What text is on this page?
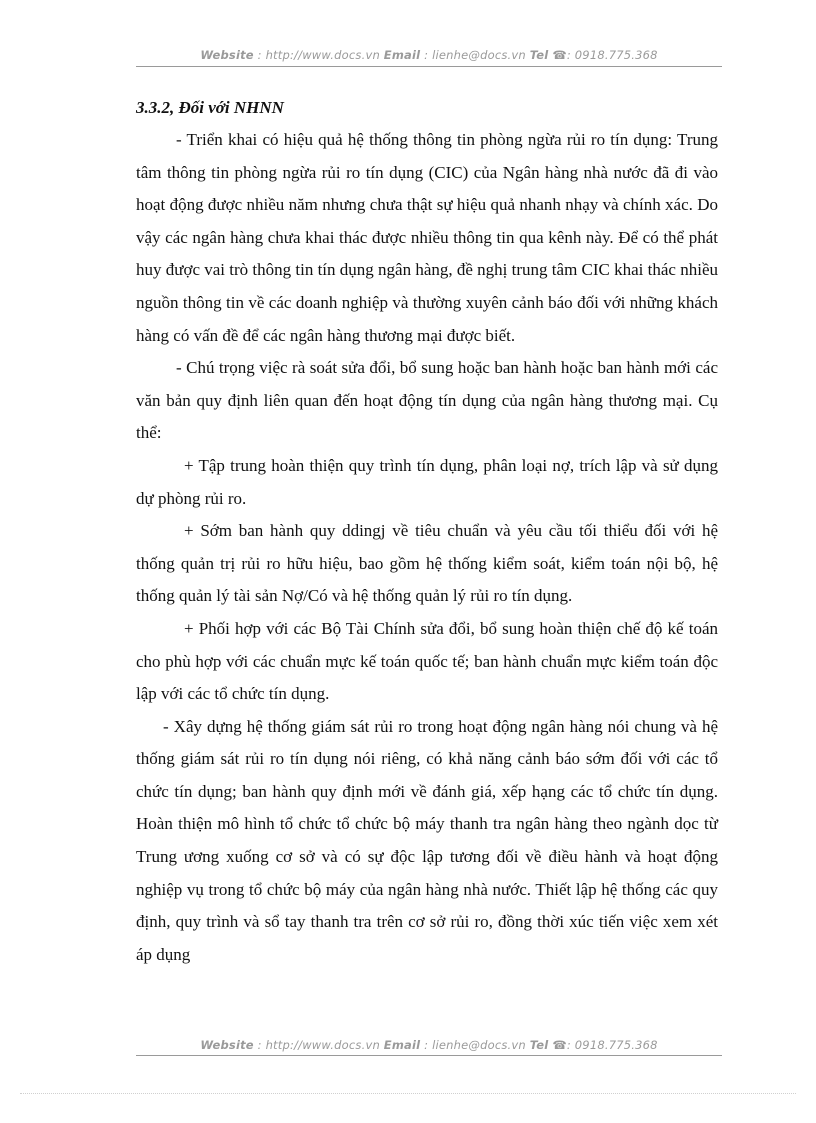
Website : http://www.docs.vn Email : lienhe@docs.vn Tel ☎: 0918.775.368
3.3.2, Đối với NHNN

- Triển khai có hiệu quả hệ thống thông tin phòng ngừa rủi ro tín dụng: Trung tâm thông tin phòng ngừa rủi ro tín dụng (CIC) của Ngân hàng nhà nước đã đi vào hoạt động được nhiều năm nhưng chưa thật sự hiệu quả nhanh nhạy và chính xác. Do vậy các ngân hàng chưa khai thác được nhiều thông tin qua kênh này. Để có thể phát huy được vai trò thông tin tín dụng ngân hàng, đề nghị trung tâm CIC khai thác nhiều nguồn thông tin về các doanh nghiệp và thường xuyên cảnh báo đối với những khách hàng có vấn đề để các ngân hàng thương mại được biết.

- Chú trọng việc rà soát sửa đổi, bổ sung hoặc ban hành hoặc ban hành mới các văn bản quy định liên quan đến hoạt động tín dụng của ngân hàng thương mại. Cụ thể:

+ Tập trung hoàn thiện quy trình tín dụng, phân loại nợ, trích lập và sử dụng dự phòng rủi ro.

+ Sớm ban hành quy ddingj về tiêu chuẩn và yêu cầu tối thiểu đối với hệ thống quản trị rủi ro hữu hiệu, bao gồm hệ thống kiểm soát, kiểm toán nội bộ, hệ thống quản lý tài sản Nợ/Có và hệ thống quản lý rủi ro tín dụng.

+ Phối hợp với các Bộ Tài Chính sửa đổi, bổ sung hoàn thiện chế độ kế toán cho phù hợp với các chuẩn mực kế toán quốc tế; ban hành chuẩn mực kiểm toán độc lập với các tổ chức tín dụng.

- Xây dựng hệ thống giám sát rủi ro trong hoạt động ngân hàng nói chung và hệ thống giám sát rủi ro tín dụng nói riêng, có khả năng cảnh báo sớm đối với các tổ chức tín dụng; ban hành quy định mới về đánh giá, xếp hạng các tổ chức tín dụng. Hoàn thiện mô hình tổ chức tổ chức bộ máy thanh tra ngân hàng theo ngành dọc từ Trung ương xuống cơ sở và có sự độc lập tương đối về điều hành và hoạt động nghiệp vụ trong tổ chức bộ máy của ngân hàng nhà nước. Thiết lập hệ thống các quy định, quy trình và sổ tay thanh tra trên cơ sở rủi ro, đồng thời xúc tiến việc xem xét áp dụng

Website : http://www.docs.vn Email : lienhe@docs.vn Tel ☎: 0918.775.368
